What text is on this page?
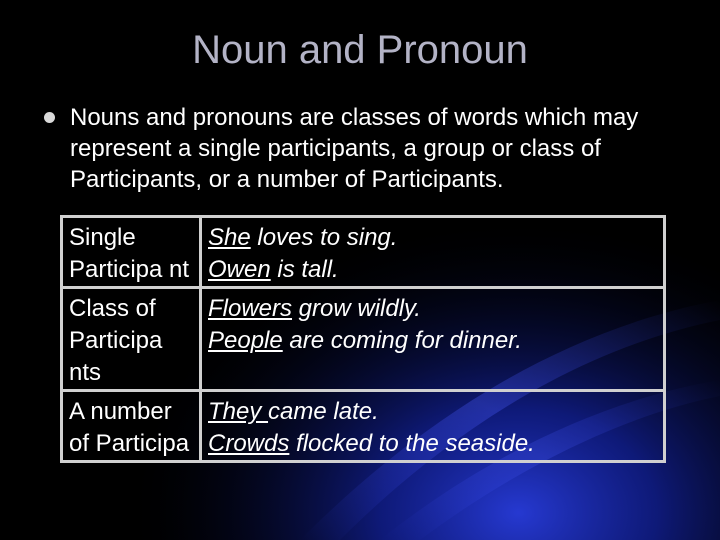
Noun and Pronoun
Nouns and pronouns are classes of words which may represent a single participants, a group or class of Participants, or a number of Participants.
Single Participa nt	She loves to sing.
Owen is tall.

Class of Participa nts	Flowers grow wildly.
People are coming for dinner.

A number of Participa	They came late.
Crowds flocked to the seaside.
